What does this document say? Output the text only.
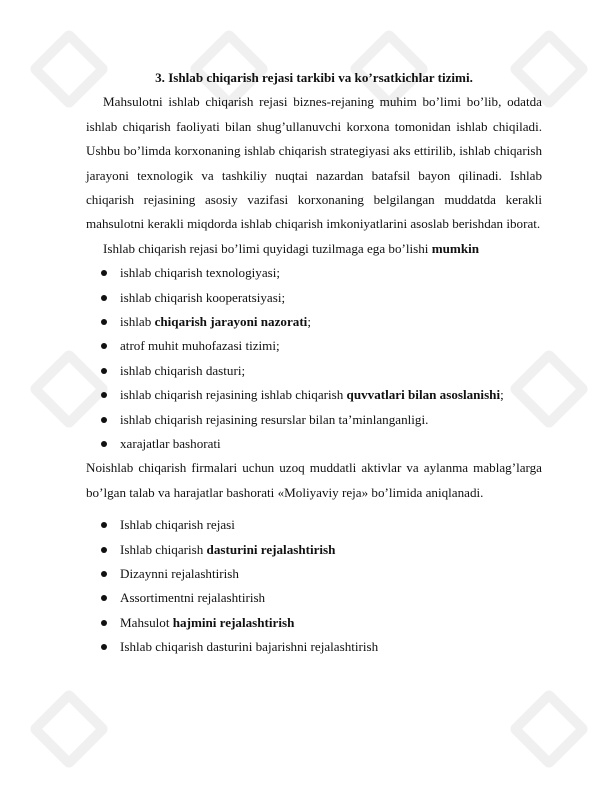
3. Ishlab chiqarish rejasi tarkibi va ko’rsatkichlar tizimi.

Mahsulotni ishlab chiqarish rejasi biznes-rejaning muhim bo’limi bo’lib, odatda ishlab chiqarish faoliyati bilan shug’ullanuvchi korxona tomonidan ishlab chiqiladi. Ushbu bo’limda korxonaning ishlab chiqarish strategiyasi aks ettirilib, ishlab chiqarish jarayoni texnologik va tashkiliy nuqtai nazardan batafsil bayon qilinadi. Ishlab chiqarish rejasining asosiy vazifasi korxonaning belgilangan muddatda kerakli mahsulotni kerakli miqdorda ishlab chiqarish imkoniyatlarini asoslab berishdan iborat.

Ishlab chiqarish rejasi bo’limi quyidagi tuzilmaga ega bo’lishi mumkin
ishlab chiqarish texnologiyasi;
ishlab chiqarish kooperatsiyasi;
ishlab chiqarish jarayoni nazorati;
atrof muhit muhofazasi tizimi;
ishlab chiqarish dasturi;
ishlab chiqarish rejasining ishlab chiqarish quvvatlari bilan asoslanishi;
ishlab chiqarish rejasining resurslar bilan ta’minlanganligi.
xarajatlar bashorati

Noishlab chiqarish firmalari uchun uzoq muddatli aktivlar va aylanma mablag’larga bo’lgan talab va harajatlar bashorati «Moliyaviy reja» bo’limida aniqlanadi.

Ishlab chiqarish rejasi
Ishlab chiqarish dasturini rejalashtirish
Dizaynni rejalashtirish
Assortimentni rejalashtirish
Mahsulot hajmini rejalashtirish
Ishlab chiqarish dasturini bajarishni rejalashtirish
